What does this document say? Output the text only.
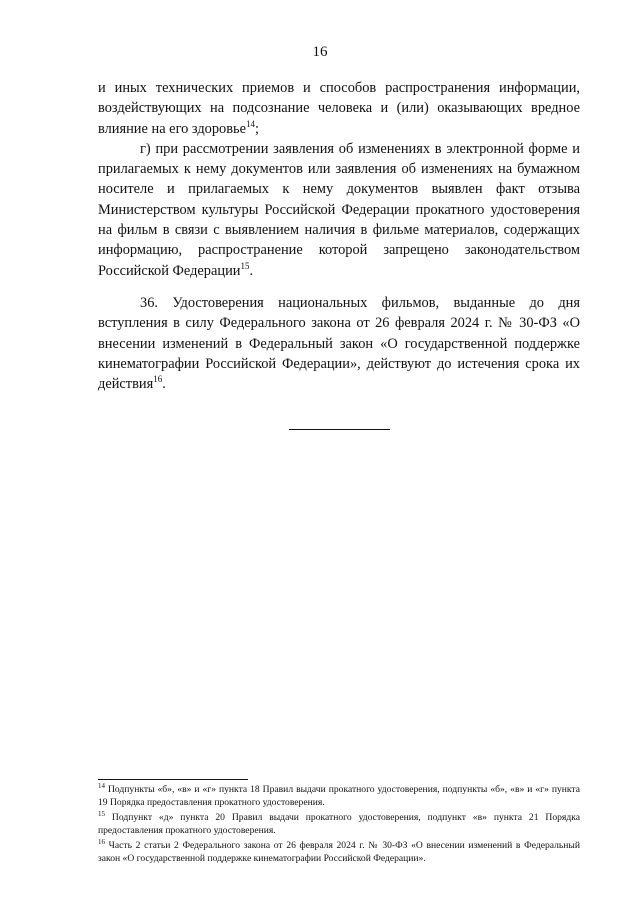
16

и иных технических приемов и способов распространения информации, воздействующих на подсознание человека и (или) оказывающих вредное влияние на его здоровье$^{14}$;

г) при рассмотрении заявления об изменениях в электронной форме и прилагаемых к нему документов или заявления об изменениях на бумажном носителе и прилагаемых к нему документов выявлен факт отзыва Министерством культуры Российской Федерации прокатного удостоверения на фильм в связи с выявлением наличия в фильме материалов, содержащих информацию, распространение которой запрещено законодательством Российской Федерации$^{15}$.

36. Удостоверения национальных фильмов, выданные до дня вступления в силу Федерального закона от 26 февраля 2024 г. № 30-ФЗ «О внесении изменений в Федеральный закон «О государственной поддержке кинематографии Российской Федерации», действуют до истечения срока их действия$^{16}$.

$^{14}$ Подпункты «б», «в» и «г» пункта 18 Правил выдачи прокатного удостоверения, подпункты «б», «в» и «г» пункта 19 Порядка предоставления прокатного удостоверения.

$^{15}$ Подпункт «д» пункта 20 Правил выдачи прокатного удостоверения, подпункт «в» пункта 21 Порядка предоставления прокатного удостоверения.

$^{16}$ Часть 2 статьи 2 Федерального закона от 26 февраля 2024 г. № 30-ФЗ «О внесении изменений в Федеральный закон «О государственной поддержке кинематографии Российской Федерации».
